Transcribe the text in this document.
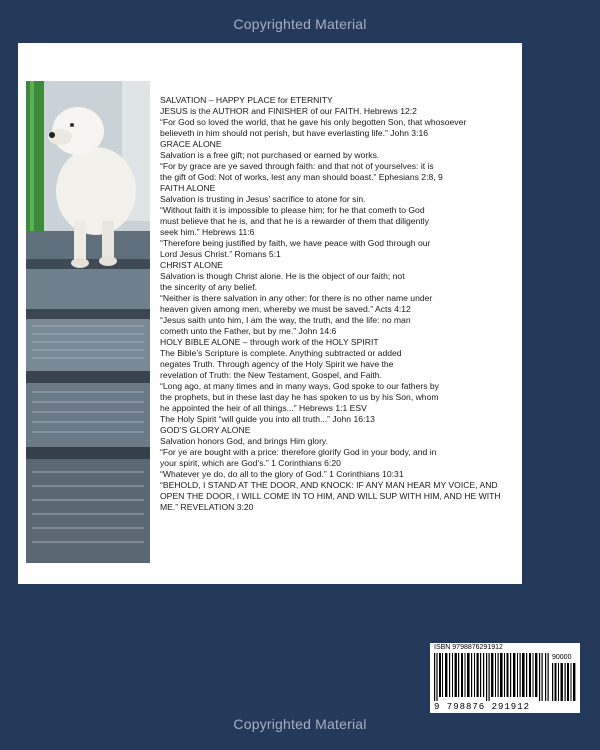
Copyrighted Material
SALVATION – HAPPY PLACE for ETERNITY
JESUS is the AUTHOR and FINISHER of our FAITH. Hebrews 12:2
“For God so loved the world, that he gave his only begotten Son, that whosoever
believeth in him should not perish, but have everlasting life.” John 3:16
GRACE ALONE
Salvation is a free gift; not purchased or earned by works.
“For by grace are ye saved through faith: and that not of yourselves: it is
the gift of God: Not of works, lest any man should boast.” Ephesians 2:8, 9
FAITH ALONE
Salvation is trusting in Jesus’ sacrifice to atone for sin.
“Without faith it is impossible to please him; for he that cometh to God
must believe that he is, and that he is a rewarder of them that diligently
seek him.” Hebrews 11:6
“Therefore being justified by faith, we have peace with God through our
Lord Jesus Christ.” Romans 5:1
CHRIST ALONE
Salvation is though Christ alone. He is the object of our faith; not
the sincerity of any belief.
“Neither is there salvation in any other: for there is no other name under
heaven given among men, whereby we must be saved.” Acts 4:12
“Jesus saith unto him, I am the way, the truth, and the life: no man
cometh unto the Father, but by me.” John 14:6
HOLY BIBLE ALONE – through work of the HOLY SPIRIT
The Bible’s Scripture is complete. Anything subtracted or added
negates Truth. Through agency of the Holy Spirit we have the
revelation of Truth: the New Testament, Gospel, and Faith.
“Long ago, at many times and in many ways, God spoke to our fathers by
the prophets, but in these last day he has spoken to us by his Son, whom
he appointed the heir of all things...” Hebrews 1:1 ESV
The Holy Spirit “will guide you into all truth...” John 16:13
GOD’S GLORY ALONE
Salvation honors God, and brings Him glory.
“For ye are bought with a price: therefore glorify God in your body, and in
your spirit, which are God’s.” 1 Corinthians 6:20
“Whatever ye do, do all to the glory of God.” 1 Corinthians 10:31
“BEHOLD, I STAND AT THE DOOR, AND KNOCK: IF ANY MAN HEAR MY VOICE, AND
OPEN THE DOOR, I WILL COME IN TO HIM, AND WILL SUP WITH HIM, AND HE WITH
ME.” REVELATION 3:20
ISBN 9798876291912
90000
9 798876 291912
Copyrighted Material
